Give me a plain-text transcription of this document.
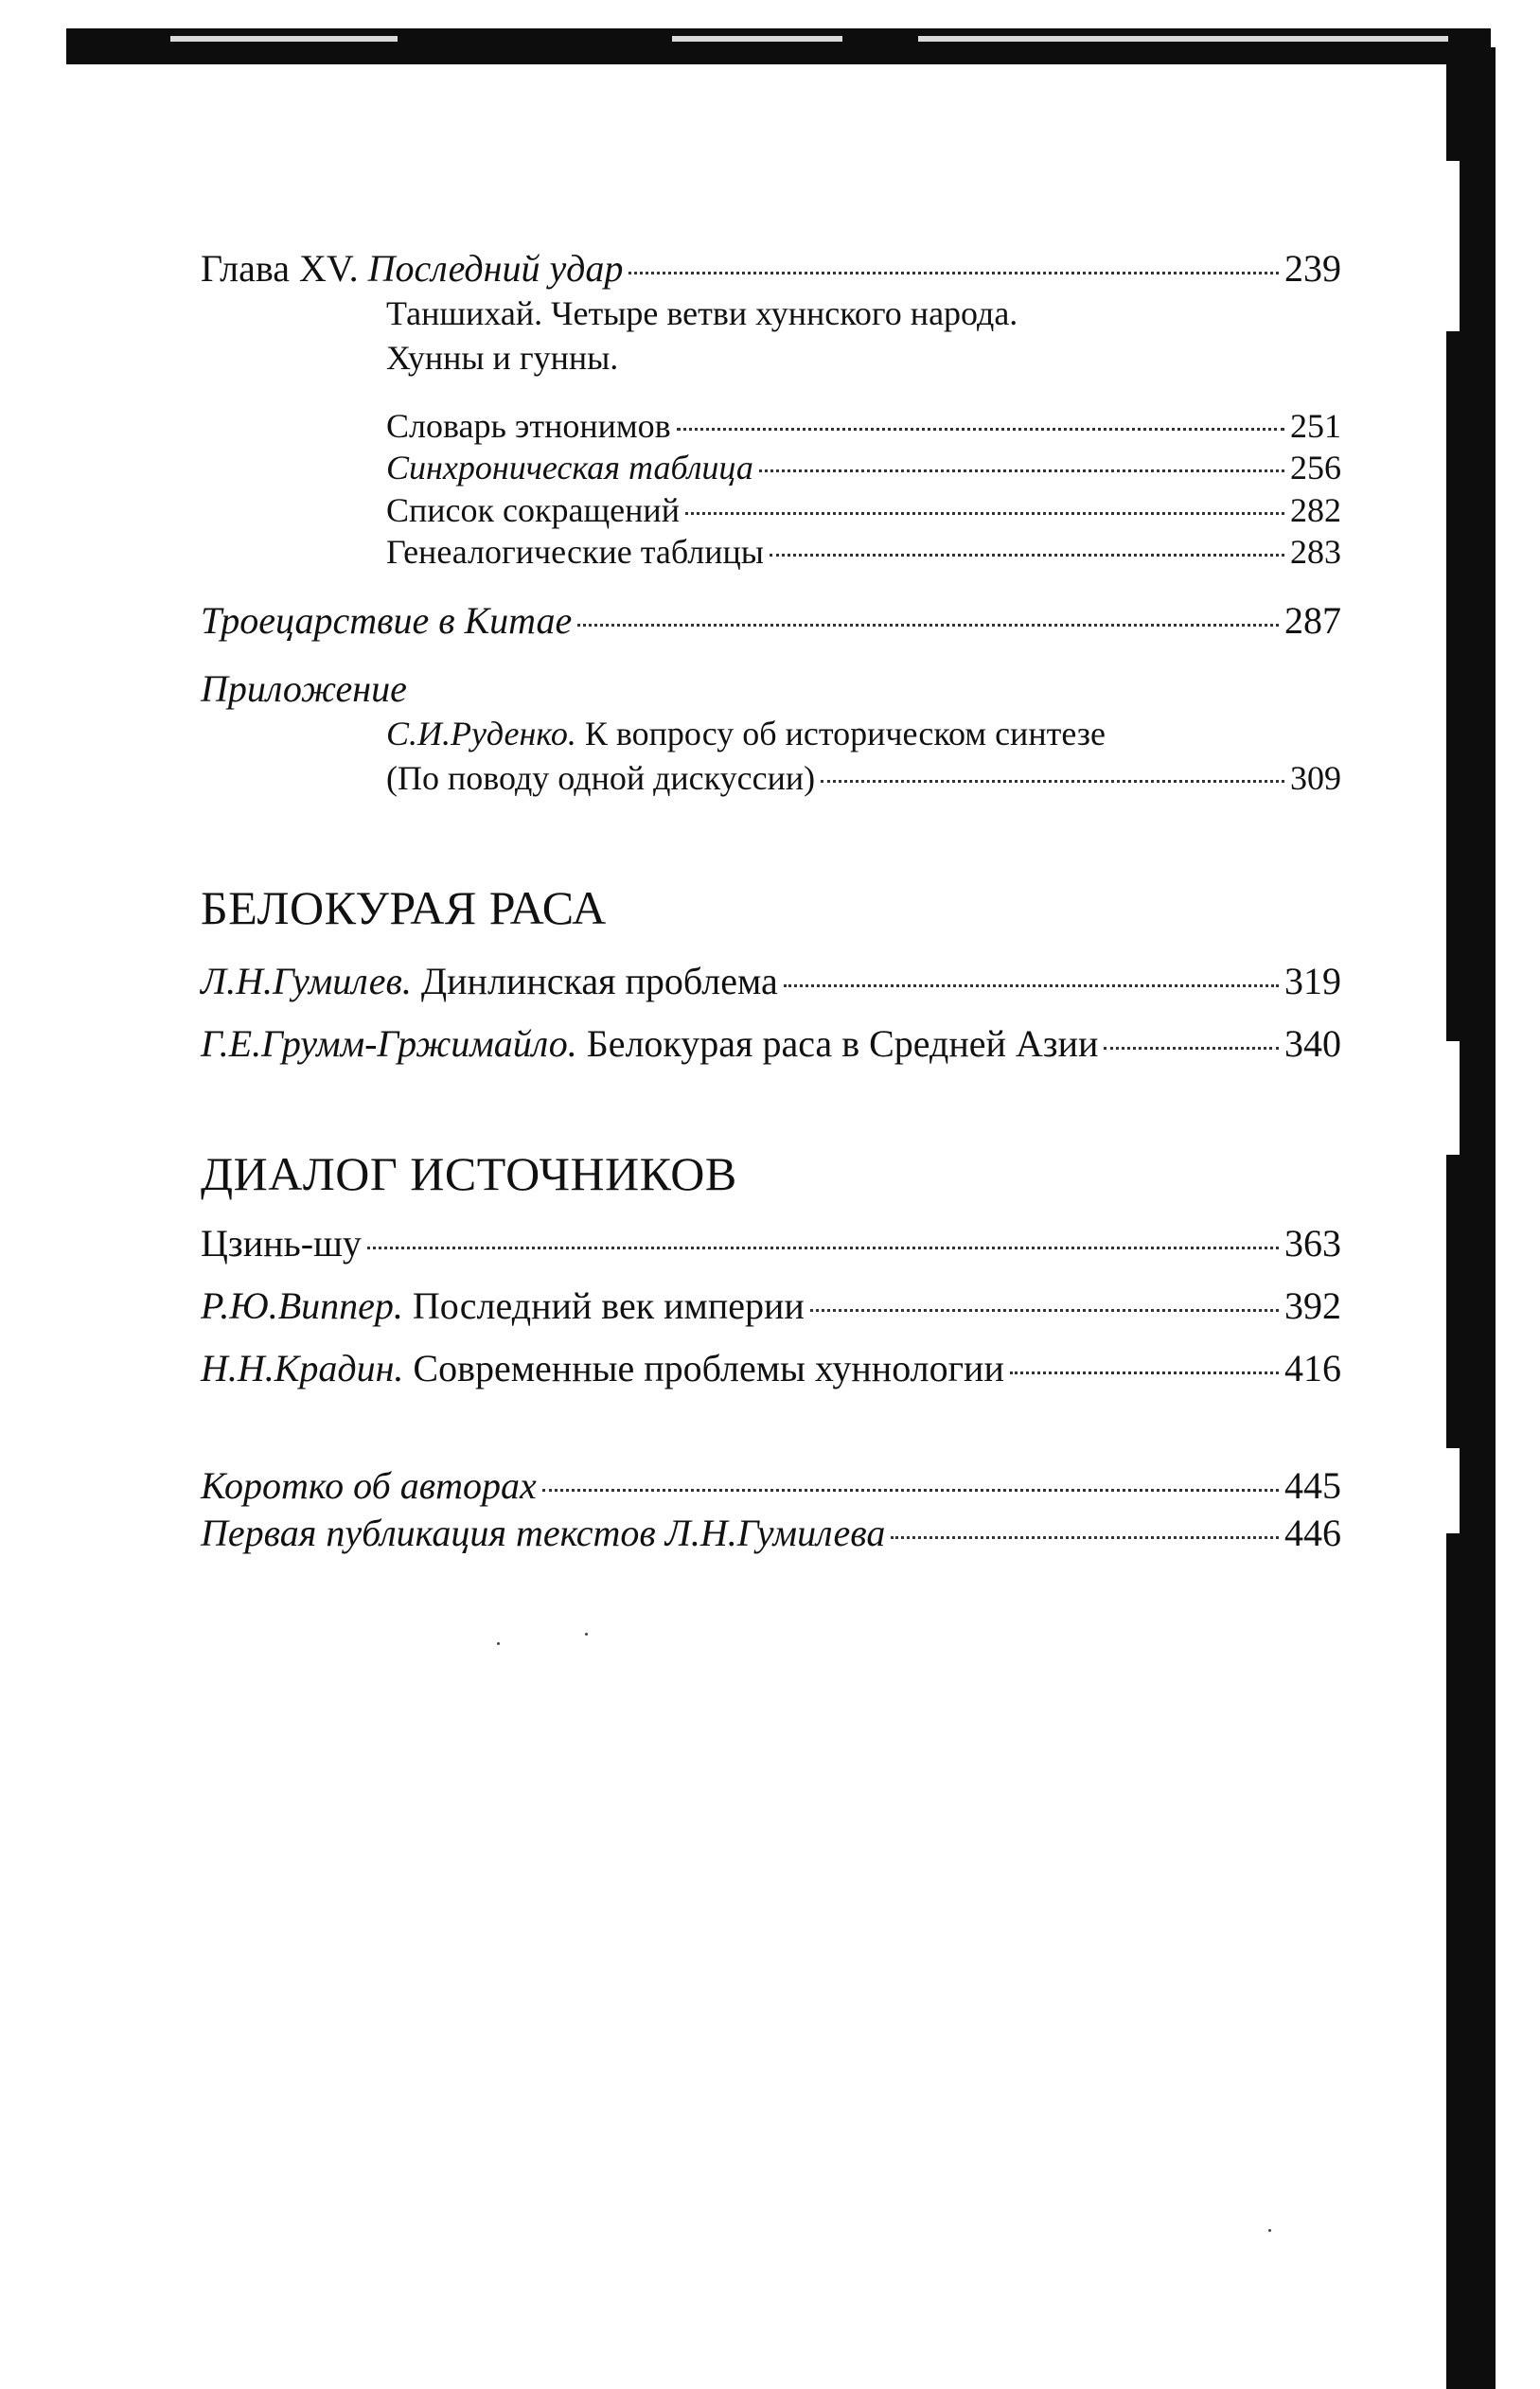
Глава XV. Последний удар	239
Таншихай. Четыре ветви хуннского народа.
Хунны и гунны.
Словарь этнонимов	251
Синхроническая таблица	256
Список сокращений	282
Генеалогические таблицы	283
Троецарствие в Китае	287
Приложение
С.И.Руденко. К вопросу об историческом синтезе
(По поводу одной дискуссии)	309
БЕЛОКУРАЯ РАСА
Л.Н.Гумилев. Динлинская проблема	319
Г.Е.Грумм-Гржимайло. Белокурая раса в Средней Азии	340
ДИАЛОГ ИСТОЧНИКОВ
Цзинь-шу	363
Р.Ю.Виппер. Последний век империи	392
Н.Н.Крадин. Современные проблемы хуннологии	416
Коротко об авторах	445
Первая публикация текстов Л.Н.Гумилева	446
